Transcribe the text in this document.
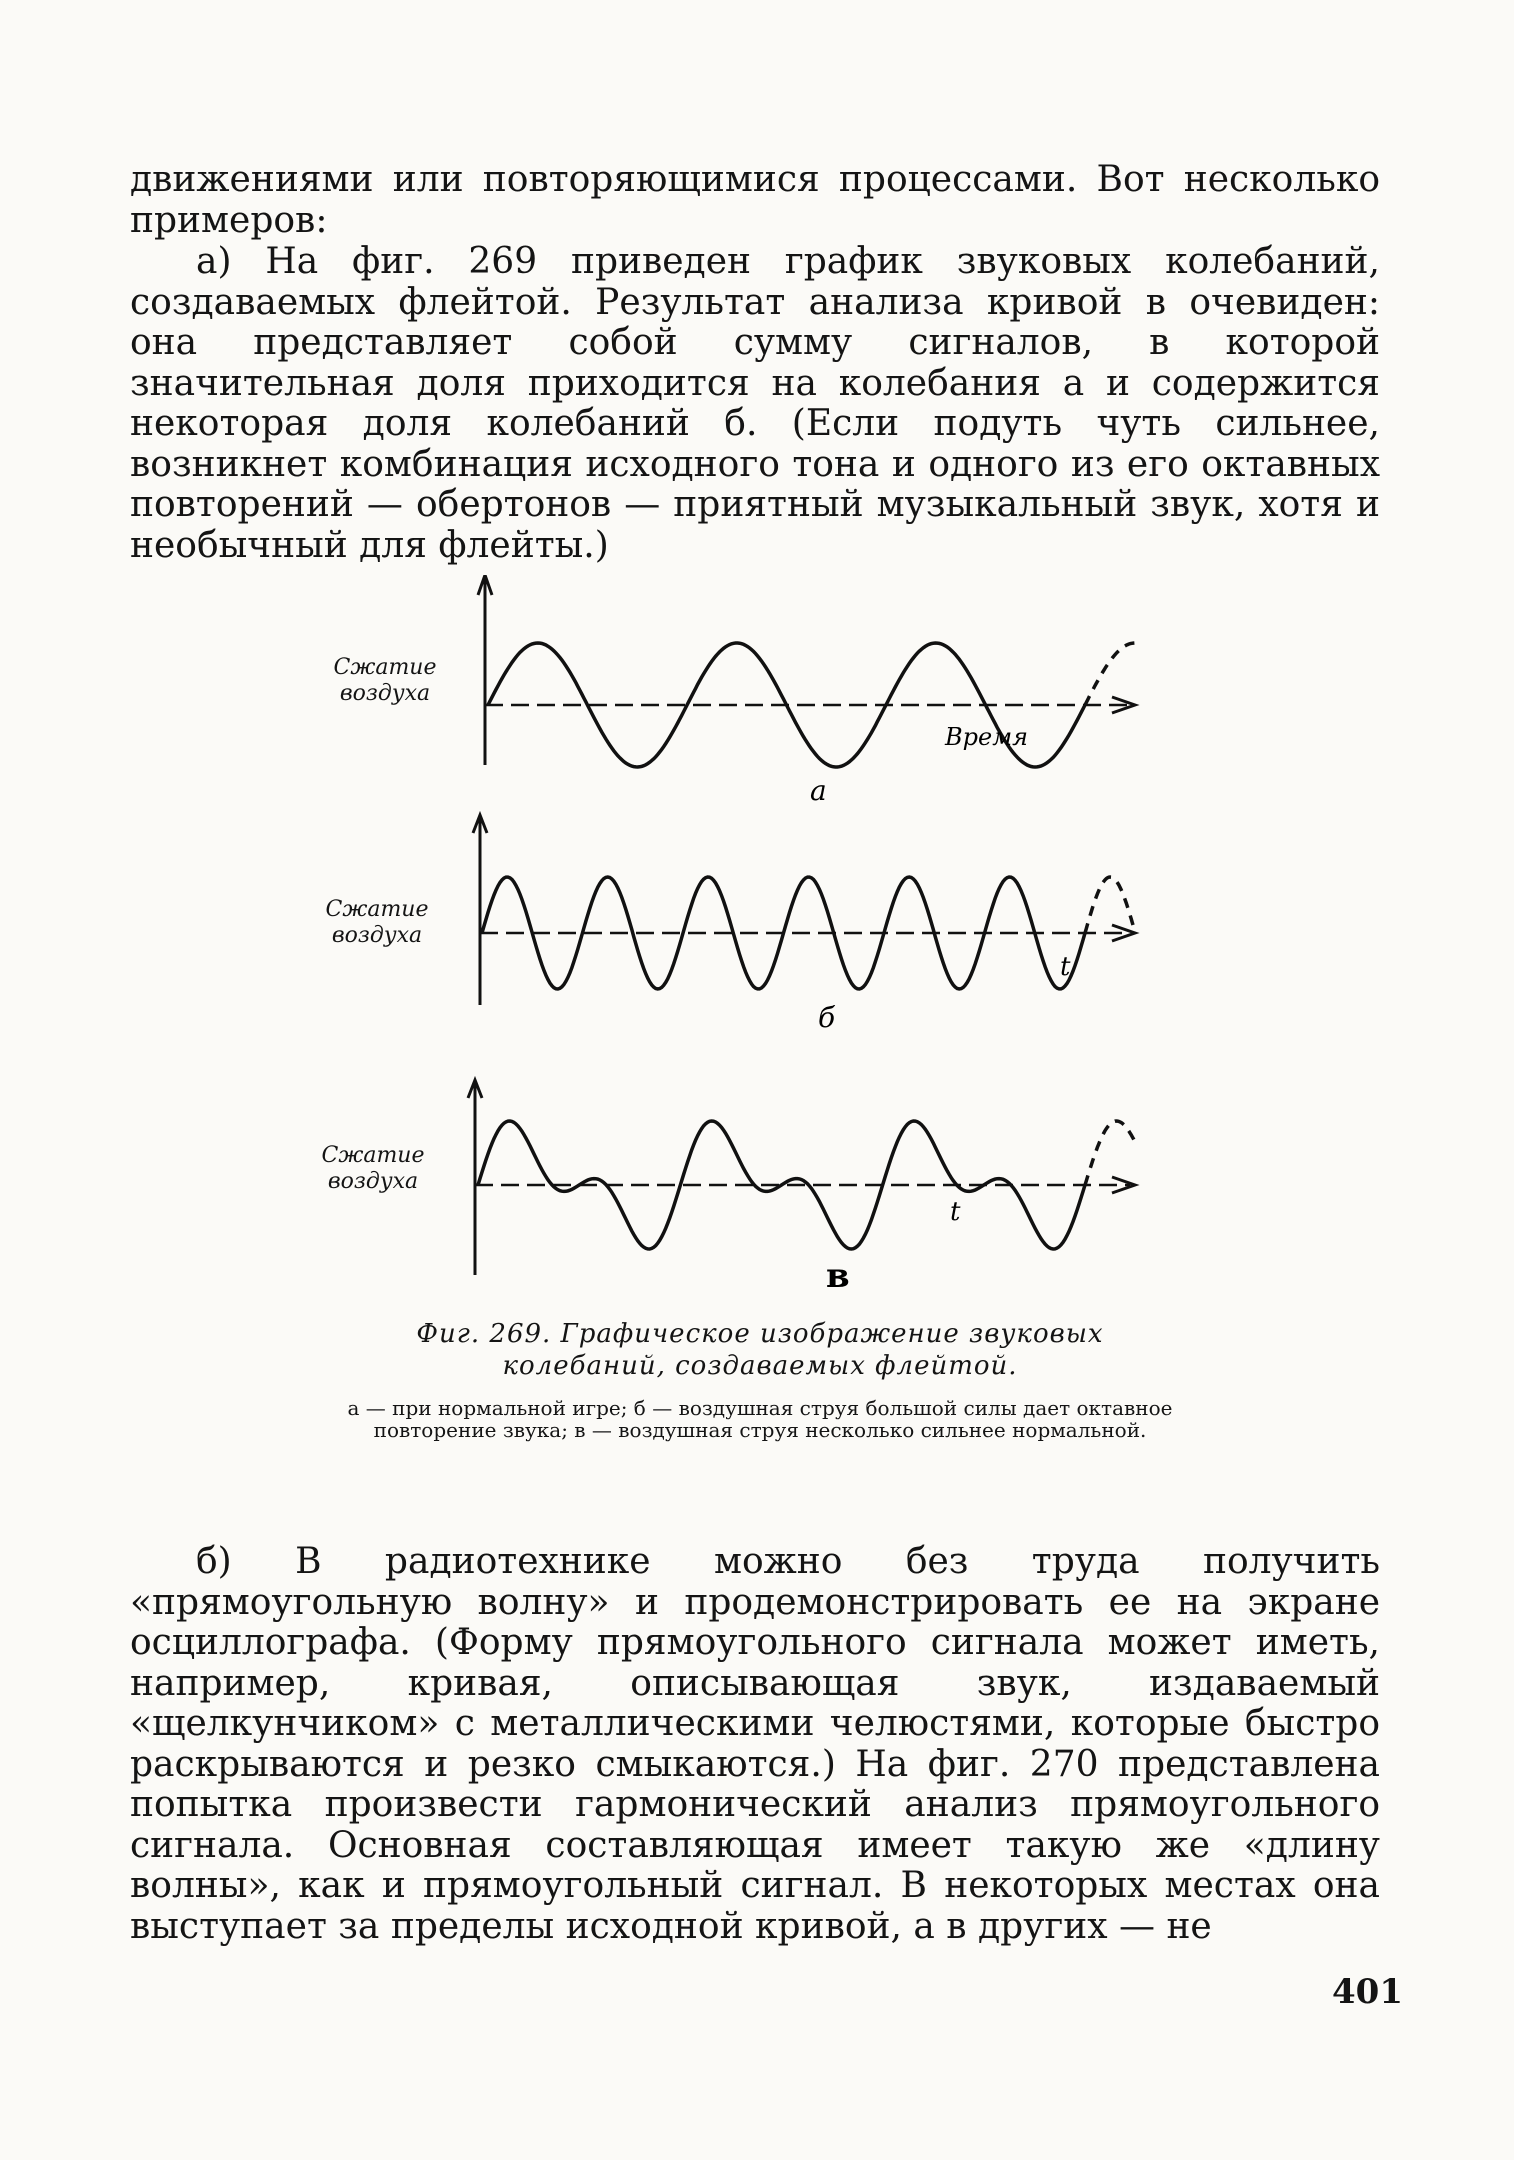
движениями или повторяющимися процессами. Вот несколько примеров:

а) На фиг. 269 приведен график звуковых колебаний, создаваемых флейтой. Результат анализа кривой в очевиден: она представляет собой сумму сигналов, в которой значительная доля приходится на колебания а и содержится некоторая доля колебаний б. (Если подуть чуть сильнее, возникнет комбинация исходного тона и одного из его октавных повторений — обертонов — приятный музыкальный звук, хотя и необычный для флейты.)

Сжатие воздуха
Сжатие воздуха
Сжатие воздуха
Время
а
t
б
t
в
Фиг. 269. Графическое изображение звуковых колебаний, создаваемых флейтой.
а — при нормальной игре; б — воздушная струя большой силы дает октавное повторение звука; в — воздушная струя несколько сильнее нормальной.

б) В радиотехнике можно без труда получить «прямоугольную волну» и продемонстрировать ее на экране осциллографа. (Форму прямоугольного сигнала может иметь, например, кривая, описывающая звук, издаваемый «щелкунчиком» с металлическими челюстями, которые быстро раскрываются и резко смыкаются.) На фиг. 270 представлена попытка произвести гармонический анализ прямоугольного сигнала. Основная составляющая имеет такую же «длину волны», как и прямоугольный сигнал. В некоторых местах она выступает за пределы исходной кривой, а в других — не

401
